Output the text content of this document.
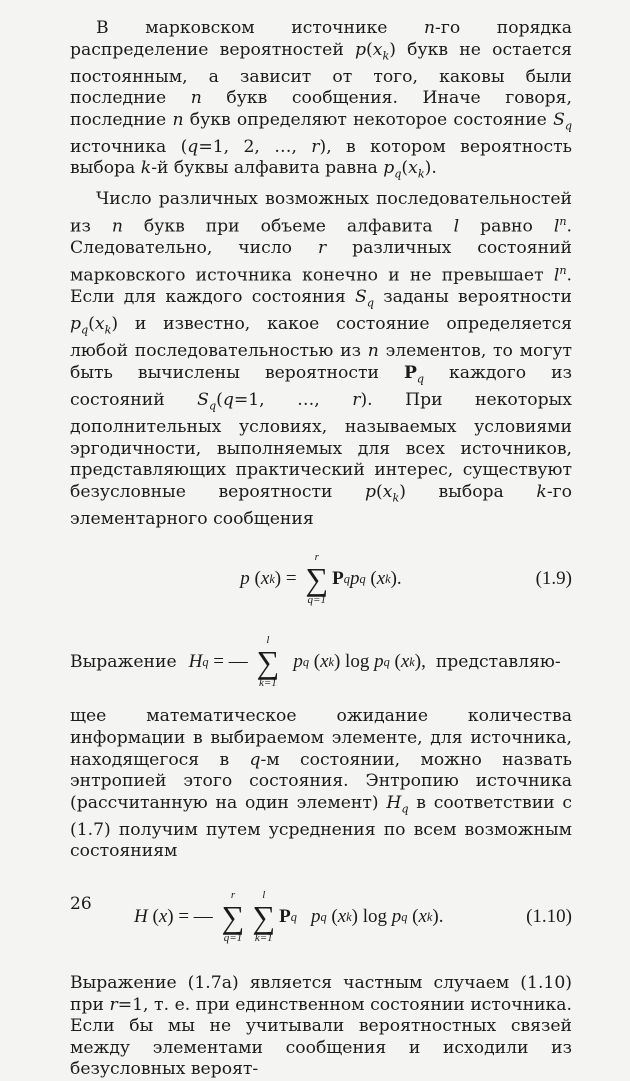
В марковском источнике n-го порядка распределение вероятностей $p(x_k)$ букв не остается постоянным, а зависит от того, каковы были последние n букв сообщения. Иначе говоря, последние n букв определяют некоторое состояние $S_q$ источника (q=1, 2, …, r), в котором вероятность выбора k-й буквы алфавита равна $p_q(x_k)$.

Число различных возможных последовательностей из n букв при объеме алфавита l равно $l^n$. Следовательно, число r различных состояний марковского источника конечно и не превышает $l^n$. Если для каждого состояния $S_q$ заданы вероятности $p_q(x_k)$ и известно, какое состояние определяется любой последовательностью из n элементов, то могут быть вычислены вероятности $P_q$ каждого из состояний $S_q(q=1$, …, r). При некоторых дополнительных условиях, называемых условиями эргодичности, выполняемых для всех источников, представляющих практический интерес, существуют безусловные вероятности $p(x_k)$ выбора k-го элементарного сообщения

p ( x k ) =
r
∑
q=1
P q p q ( x k ).	(1.9)
Выражение H q = —
l
∑
k=1
p q ( x k ) log p q ( x k ), представляю-

щее математическое ожидание количества информации в выбираемом элементе, для источника, находящегося в q-м состоянии, можно назвать энтропией этого состояния. Энтропию источника (рассчитанную на один элемент) $H_q$ в соответствии с (1.7) получим путем усреднения по всем возможным состояниям

H ( x ) = —
r
∑
q=1
l
∑
k=1
P q p q ( x k ) log p q ( x k ).	(1.10)

Выражение (1.7а) является частным случаем (1.10) при r=1, т. е. при единственном состоянии источника. Если бы мы не учитывали вероятностных связей между элементами сообщения и исходили из безусловных вероят-

26
